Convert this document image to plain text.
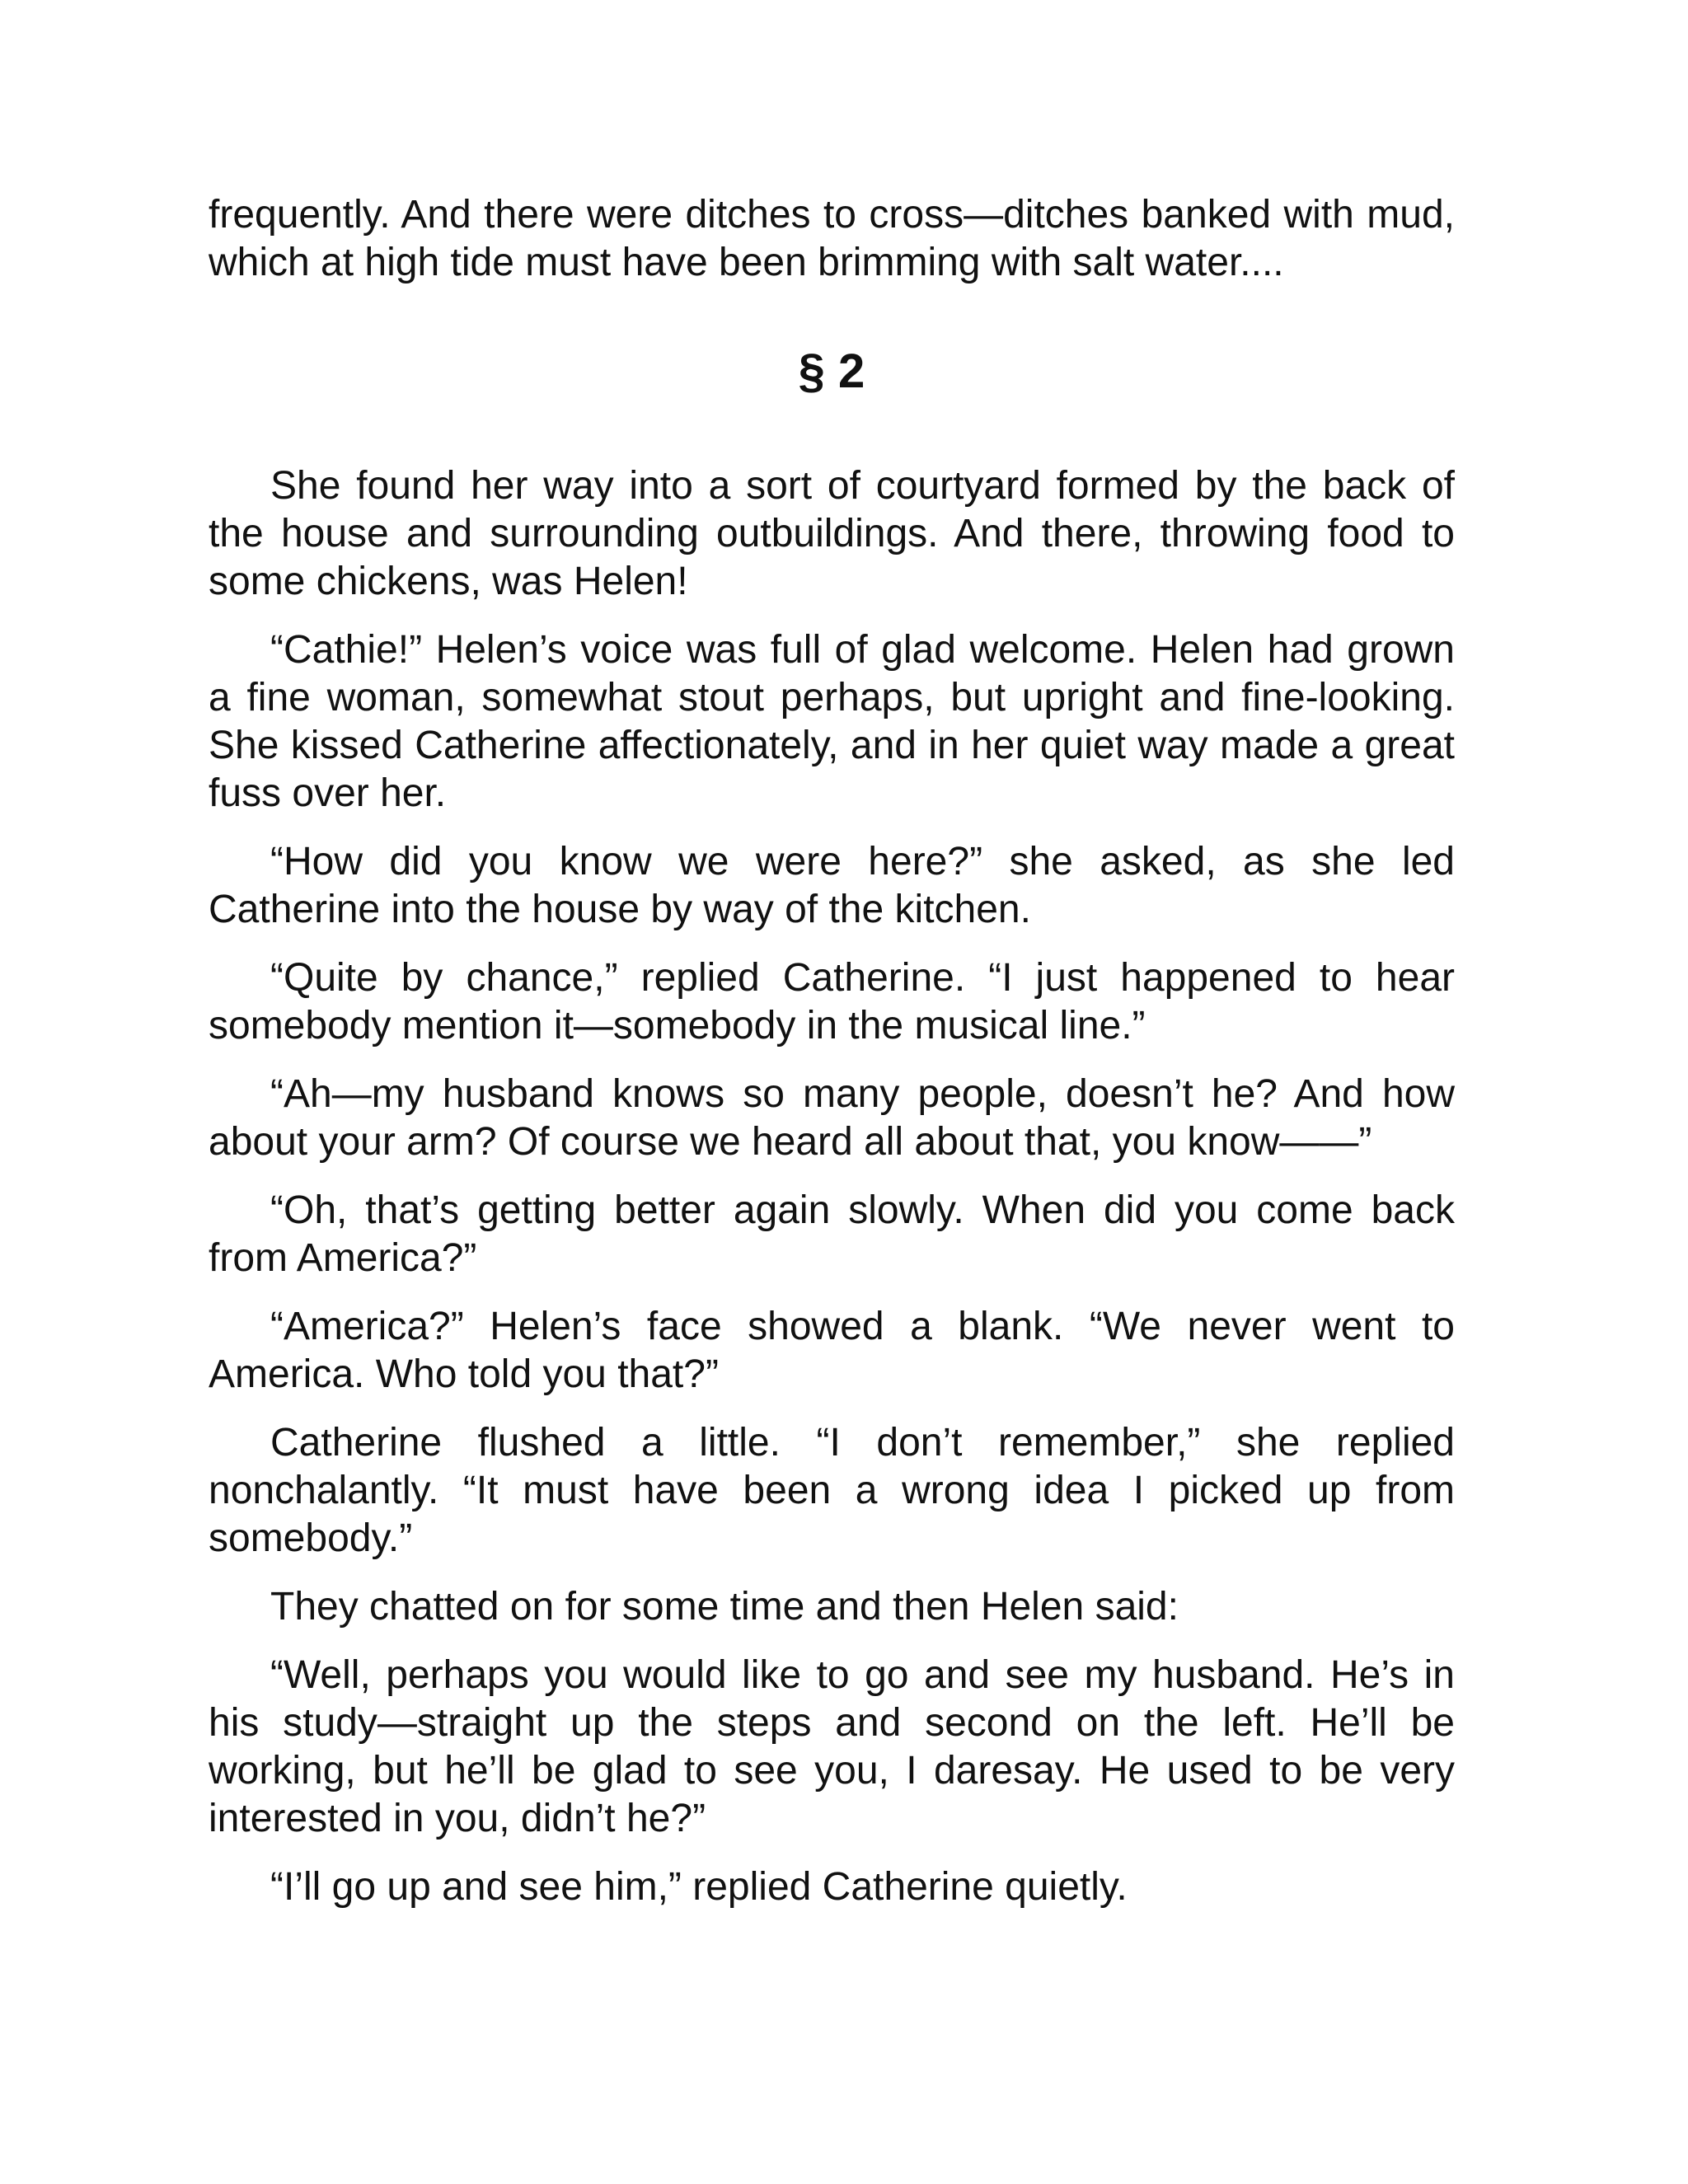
frequently. And there were ditches to cross—ditches banked with mud, which at high tide must have been brimming with salt water....

§ 2

She found her way into a sort of courtyard formed by the back of the house and surrounding outbuildings. And there, throwing food to some chickens, was Helen!

“Cathie!” Helen’s voice was full of glad welcome. Helen had grown a fine woman, somewhat stout perhaps, but upright and fine-looking. She kissed Catherine affectionately, and in her quiet way made a great fuss over her.

“How did you know we were here?” she asked, as she led Catherine into the house by way of the kitchen.

“Quite by chance,” replied Catherine. “I just happened to hear somebody mention it—somebody in the musical line.”

“Ah—my husband knows so many people, doesn’t he? And how about your arm? Of course we heard all about that, you know——”

“Oh, that’s getting better again slowly. When did you come back from America?”

“America?” Helen’s face showed a blank. “We never went to America. Who told you that?”

Catherine flushed a little. “I don’t remember,” she replied nonchalantly. “It must have been a wrong idea I picked up from somebody.”

They chatted on for some time and then Helen said:

“Well, perhaps you would like to go and see my husband. He’s in his study—straight up the steps and second on the left. He’ll be working, but he’ll be glad to see you, I daresay. He used to be very interested in you, didn’t he?”

“I’ll go up and see him,” replied Catherine quietly.
